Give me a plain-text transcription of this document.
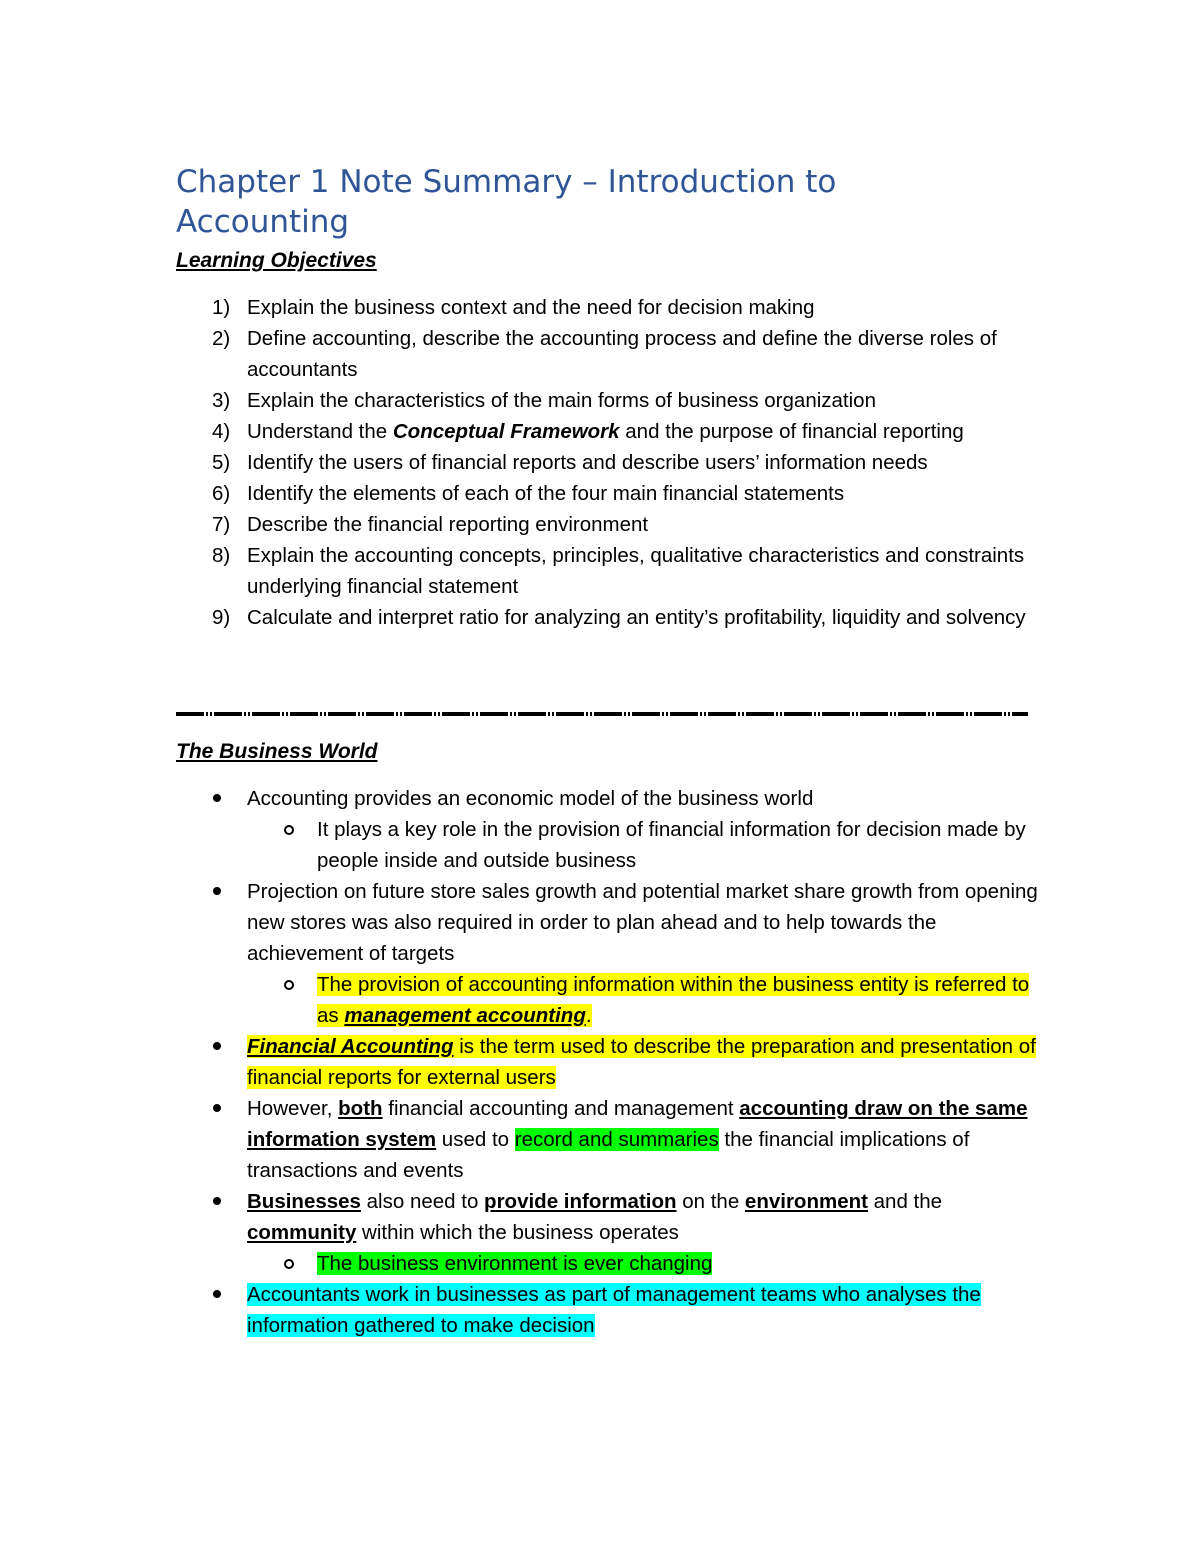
Chapter 1 Note Summary – Introduction to Accounting
Learning Objectives
1) Explain the business context and the need for decision making
2) Define accounting, describe the accounting process and define the diverse roles of accountants
3) Explain the characteristics of the main forms of business organization
4) Understand the Conceptual Framework and the purpose of financial reporting
5) Identify the users of financial reports and describe users’ information needs
6) Identify the elements of each of the four main financial statements
7) Describe the financial reporting environment
8) Explain the accounting concepts, principles, qualitative characteristics and constraints underlying financial statement
9) Calculate and interpret ratio for analyzing an entity’s profitability, liquidity and solvency
The Business World
Accounting provides an economic model of the business world
It plays a key role in the provision of financial information for decision made by people inside and outside business
Projection on future store sales growth and potential market share growth from opening new stores was also required in order to plan ahead and to help towards the achievement of targets
The provision of accounting information within the business entity is referred to as management accounting.
Financial Accounting is the term used to describe the preparation and presentation of financial reports for external users
However, both financial accounting and management accounting draw on the same information system used to record and summaries the financial implications of transactions and events
Businesses also need to provide information on the environment and the community within which the business operates
The business environment is ever changing
Accountants work in businesses as part of management teams who analyses the information gathered to make decision
